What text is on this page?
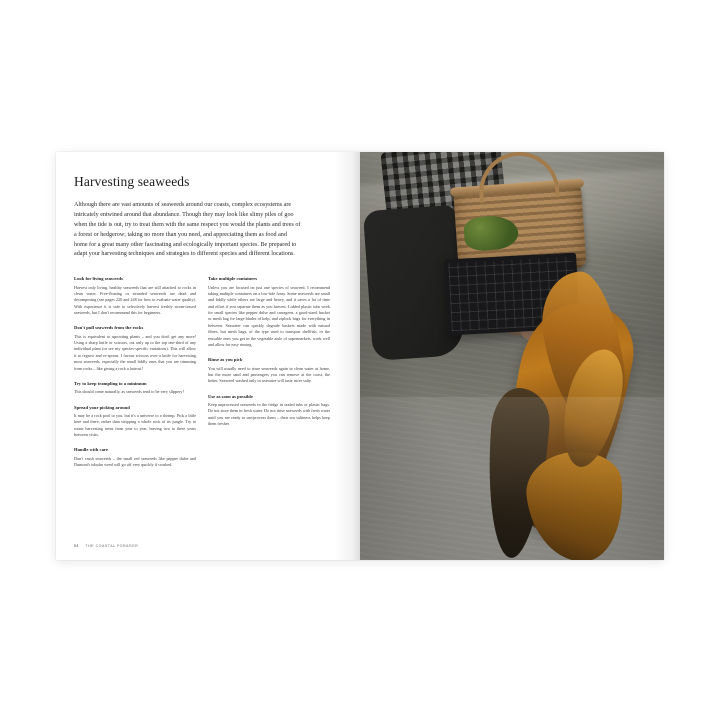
Harvesting seaweeds

Although there are vast amounts of seaweeds around our coasts, complex ecosystems are intricately entwined around that abundance. Though they may look like slimy piles of goo when the tide is out, try to treat them with the same respect you would the plants and trees of a forest or hedgerow; taking no more than you need, and appreciating them as food and home for a great many other fascinating and ecologically important species. Be prepared to adapt your harvesting techniques and strategies to different species and different locations.

Look for living seaweeds

Harvest only living, healthy seaweeds that are still attached to rocks in clean water. Free-floating or stranded seaweeds are dead and decomposing (see pages 220 and 248 for how to evaluate water quality). With experience it is safe to selectively harvest freshly storm-tossed seaweeds, but I don't recommend this for beginners.

Don't pull seaweeds from the rocks

This is equivalent to uprooting plants – and you don't get any more! Using a sharp knife or scissors, cut only up to the top one-third of any individual plant (or see my species-specific variations). This will allow it to regrow and re-sprout. I favour scissors over a knife for harvesting most seaweeds, especially the small fiddly ones that you are trimming from rocks – like giving a rock a haircut!

Try to keep trampling to a minimum

This should come naturally, as seaweeds tend to be very slippery!

Spread your picking around

It may be a rock pool to you, but it's a universe to a shrimp. Pick a little here and there, rather than stripping a whole rock of its jungle. Try to rotate harvesting areas from year to year, leaving two to three years between visits.

Handle with care

Don't crush seaweeds – the small red seaweeds like pepper dulse and Dumont's tubular weed will go off very quickly if crushed.

Take multiple containers

Unless you are focused on just one species of seaweed, I recommend taking multiple containers on a low-tide foray. Some seaweeds are small and fiddly while others are large and heavy, and it saves a lot of time and effort if you separate them as you harvest. Lidded plastic tubs work for small species like pepper dulse and carrageen, a good-sized bucket or mesh bag for large blades of kelp, and ziplock bags for everything in between. Seawater can quickly degrade baskets made with natural fibres, but mesh bags, of the type used to transport shellfish, or the reusable ones you get in the vegetable aisle of supermarkets, work well and allow for easy rinsing.

Rinse as you pick

You will usually need to rinse seaweeds again in clean water at home, but the more sand and passengers you can remove at the coast, the better. Seaweed washed only in seawater will taste nicer salty.

Use as soon as possible

Keep unprocessed seaweeds in the fridge in sealed tubs or plastic bags. Do not store them in fresh water. Do not rinse seaweeds with fresh water until you are ready to use/process them – their sea saltiness helps keep them fresher.

64 THE COASTAL FORAGER
